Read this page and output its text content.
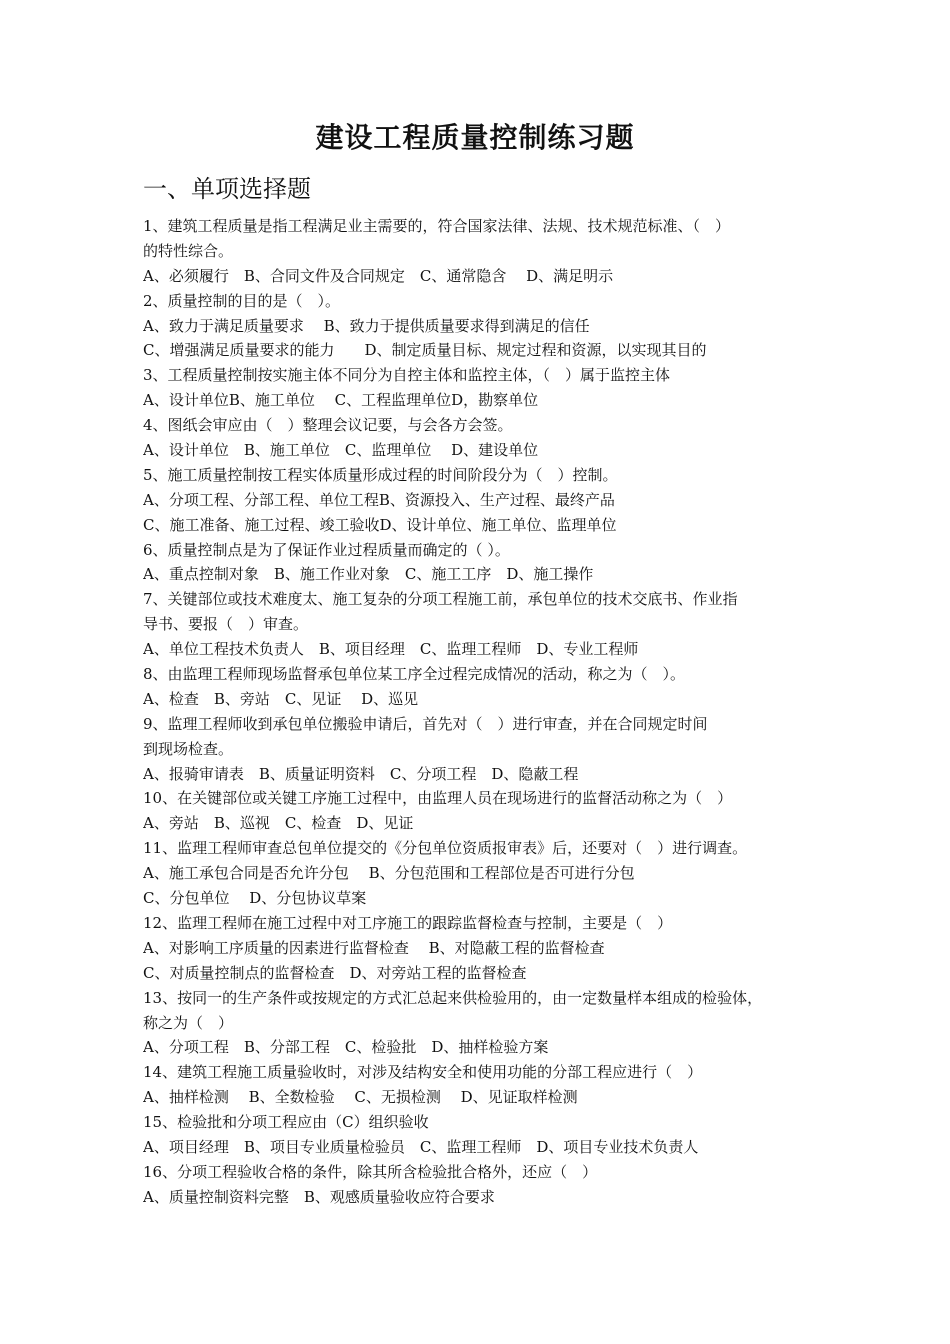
建设工程质量控制练习题
一、单项选择题
1、建筑工程质量是指工程满足业主需要的，符合国家法律、法规、技术规范标准、（　）
的特性综合。
A、必须履行　B、合同文件及合同规定　C、通常隐含　 D、满足明示
2、质量控制的目的是（　）。
A、致力于满足质量要求　 B、致力于提供质量要求得到满足的信任
C、增强满足质量要求的能力　　D、制定质量目标、规定过程和资源，以实现其目的
3、工程质量控制按实施主体不同分为自控主体和监控主体，（　）属于监控主体
A、设计单位B、施工单位　 C、工程监理单位D，勘察单位
4、图纸会审应由（　）整理会议记要，与会各方会签。
A、设计单位　B、施工单位　C、监理单位　 D、建设单位
5、施工质量控制按工程实体质量形成过程的时间阶段分为（　）控制。
A、分项工程、分部工程、单位工程B、资源投入、生产过程、最终产品
C、施工准备、施工过程、竣工验收D、设计单位、施工单位、监理单位
6、质量控制点是为了保证作业过程质量而确定的（ ）。
A、重点控制对象　B、施工作业对象　C、施工工序　D、施工操作
7、关键部位或技术难度太、施工复杂的分项工程施工前，承包单位的技术交底书、作业指
导书、要报（　）审查。
A、单位工程技术负责人　B、项目经理　C、监理工程师　D、专业工程师
8、由监理工程师现场监督承包单位某工序全过程完成情况的活动，称之为（　）。
A、检查　B、旁站　C、见证　 D、巡见
9、监理工程师收到承包单位搬验申请后，首先对（　）进行审查，并在合同规定时间
到现场检查。
A、报骑审请表　B、质量证明资料　C、分项工程　D、隐蔽工程
10、在关键部位或关键工序施工过程中，由监理人员在现场进行的监督活动称之为（　）
A、旁站　B、巡视　C、检查　D、见证
11、监理工程师审查总包单位提交的《分包单位资质报审表》后，还要对（　）进行调查。
A、施工承包合同是否允许分包　 B、分包范围和工程部位是否可进行分包
C、分包单位　 D、分包协议草案
12、监理工程师在施工过程中对工序施工的跟踪监督检查与控制，主要是（　）
A、对影响工序质量的因素进行监督检查　 B、对隐蔽工程的监督检查
C、对质量控制点的监督检查　D、对旁站工程的监督检查
13、按同一的生产条件或按规定的方式汇总起来供检验用的，由一定数量样本组成的检验体，
称之为（　）
A、分项工程　B、分部工程　C、检验批　D、抽样检验方案
14、建筑工程施工质量验收时，对涉及结构安全和使用功能的分部工程应进行（　）
A、抽样检测　 B、全数检验　 C、无损检测　 D、见证取样检测
15、检验批和分项工程应由（C）组织验收
A、项目经理　B、项目专业质量检验员　C、监理工程师　D、项目专业技术负责人
16、分项工程验收合格的条件，除其所含检验批合格外，还应（　）
A、质量控制资料完整　B、观感质量验收应符合要求
